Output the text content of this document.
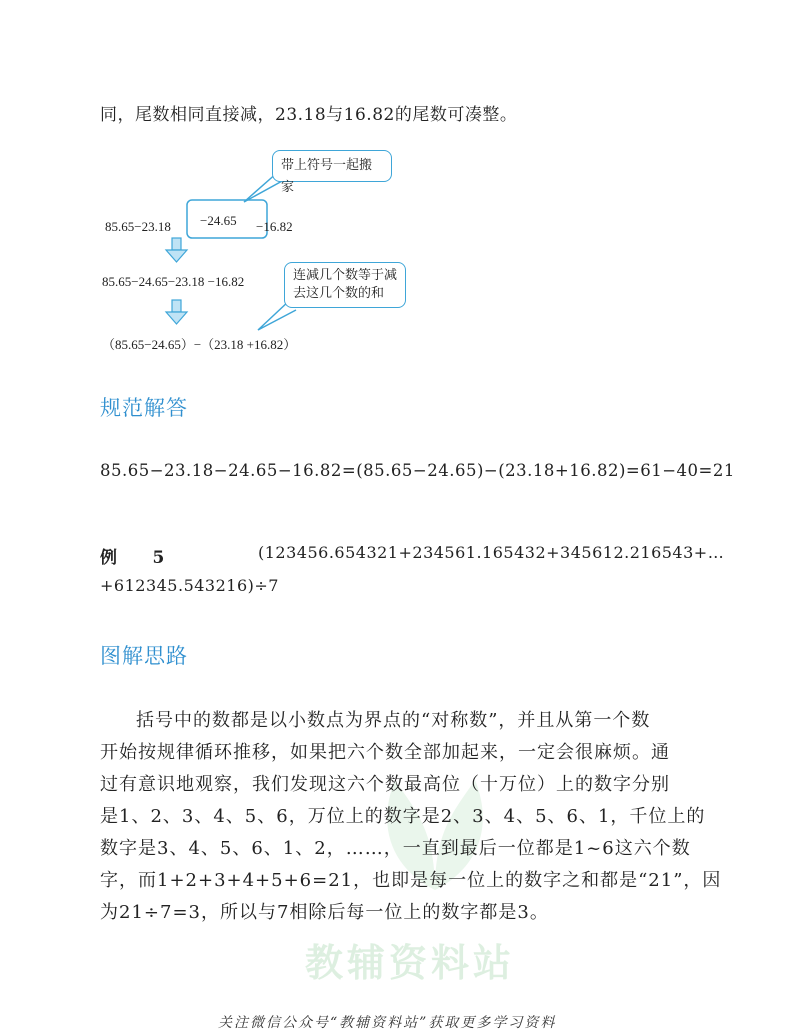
同，尾数相同直接减，23.18与16.82的尾数可凑整。
85.65−23.18 −24.65 −16.82
带上符号一起搬家
85.65−24.65−23.18 −16.82	连减几个数等于减
去这几个数的和
（85.65−24.65）−（23.18 +16.82）
规范解答
85.65−23.18−24.65−16.82=(85.65−24.65)−(23.18+16.82)=61−40=21
例　　5	(123456.654321+234561.165432+345612.216543+…
+612345.543216)÷7
图解思路
教辅资料站
括号中的数都是以小数点为界点的“对称数”，并且从第一个数
开始按规律循环推移，如果把六个数全部加起来，一定会很麻烦。通
过有意识地观察，我们发现这六个数最高位（十万位）上的数字分别
是1、2、3、4、5、6，万位上的数字是2、3、4、5、6、1，千位上的
数字是3、4、5、6、1、2，……，一直到最后一位都是1~6这六个数
字，而1+2+3+4+5+6=21，也即是每一位上的数字之和都是“21”，因
为21÷7=3，所以与7相除后每一位上的数字都是3。
关注微信公众号“教辅资料站”获取更多学习资料
